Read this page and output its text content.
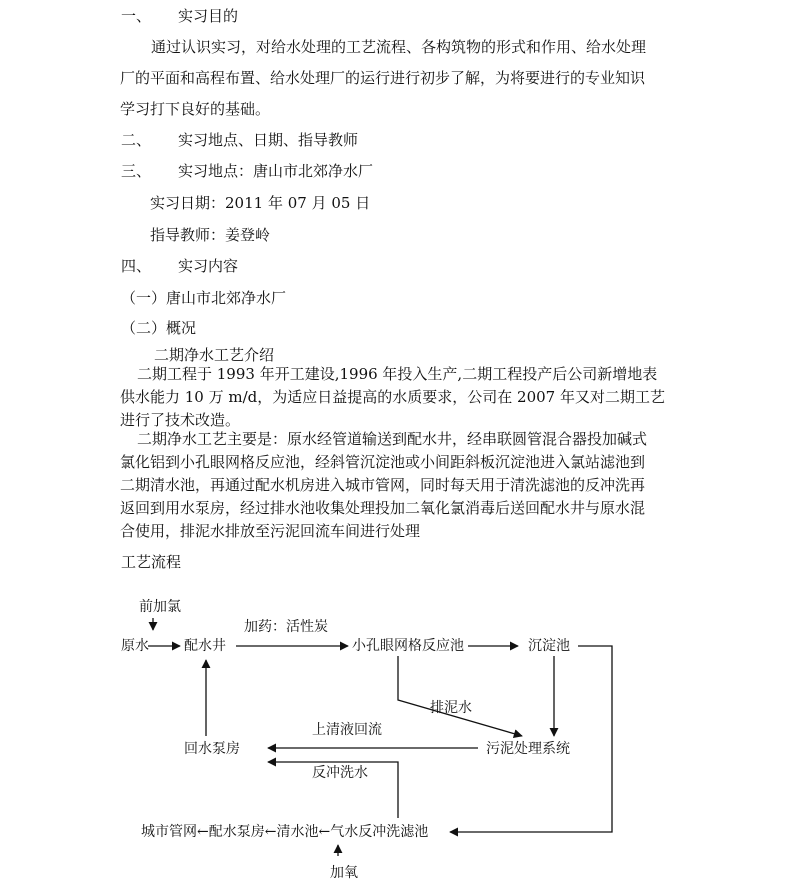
一、	实习目的
通过认识实习，对给水处理的工艺流程、各构筑物的形式和作用、给水处理
厂的平面和高程布置、给水处理厂的运行进行初步了解，为将要进行的专业知识
学习打下良好的基础。
二、	实习地点、日期、指导教师
三、	实习地点：唐山市北郊净水厂
实习日期：2011 年 07 月 05 日
指导教师：姜登岭
四、	实习内容
（一）唐山市北郊净水厂
（二）概况
二期净水工艺介绍
二期工程于 1993 年开工建设,1996 年投入生产,二期工程投产后公司新增地表
供水能力 10 万 m/d，为适应日益提高的水质要求，公司在 2007 年又对二期工艺
进行了技术改造。
二期净水工艺主要是：原水经管道输送到配水井，经串联圆管混合器投加碱式
氯化铝到小孔眼网格反应池，经斜管沉淀池或小间距斜板沉淀池进入氯站滤池到
二期清水池，再通过配水机房进入城市管网，同时每天用于清洗滤池的反冲洗再
返回到用水泵房，经过排水池收集处理投加二氧化氯消毒后送回配水井与原水混
合使用，排泥水排放至污泥回流车间进行处理
工艺流程
前加氯
加药：活性炭
原水	配水井	小孔眼网格反应池	沉淀池
排泥水
上清液回流
回水泵房	污泥处理系统
反冲洗水
城市管网←配水泵房←清水池←气水反冲洗滤池
加氧
